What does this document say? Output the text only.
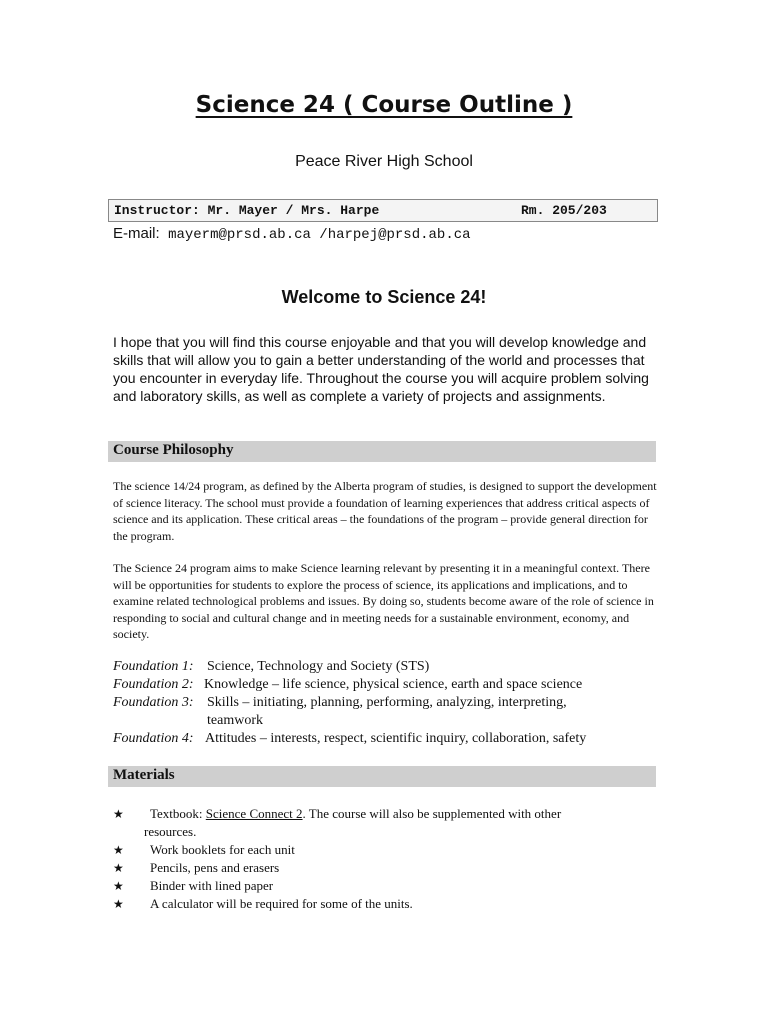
Science 24 ( Course Outline )
Peace River High School
Instructor: Mr. Mayer / Mrs. Harpe	Rm. 205/203
E-mail: mayerm@prsd.ab.ca /harpej@prsd.ab.ca
Welcome to Science 24!

I hope that you will find this course enjoyable and that you will develop knowledge and skills that will allow you to gain a better understanding of the world and processes that you encounter in everyday life. Throughout the course you will acquire problem solving and laboratory skills, as well as complete a variety of projects and assignments.

Course Philosophy

The science 14/24 program, as defined by the Alberta program of studies, is designed to support the development of science literacy. The school must provide a foundation of learning experiences that address critical aspects of science and its application. These critical areas – the foundations of the program – provide general direction for the program.

The Science 24 program aims to make Science learning relevant by presenting it in a meaningful context. There will be opportunities for students to explore the process of science, its applications and implications, and to examine related technological problems and issues. By doing so, students become aware of the role of science in responding to social and cultural change and in meeting needs for a sustainable environment, economy, and society.

Foundation 1: Science, Technology and Society (STS)
Foundation 2: Knowledge – life science, physical science, earth and space science
Foundation 3: Skills – initiating, planning, performing, analyzing, interpreting, teamwork
Foundation 4: Attitudes – interests, respect, scientific inquiry, collaboration, safety
Materials
★ Textbook: Science Connect 2. The course will also be supplemented with other
resources.
★ Work booklets for each unit
★ Pencils, pens and erasers
★ Binder with lined paper
★ A calculator will be required for some of the units.
